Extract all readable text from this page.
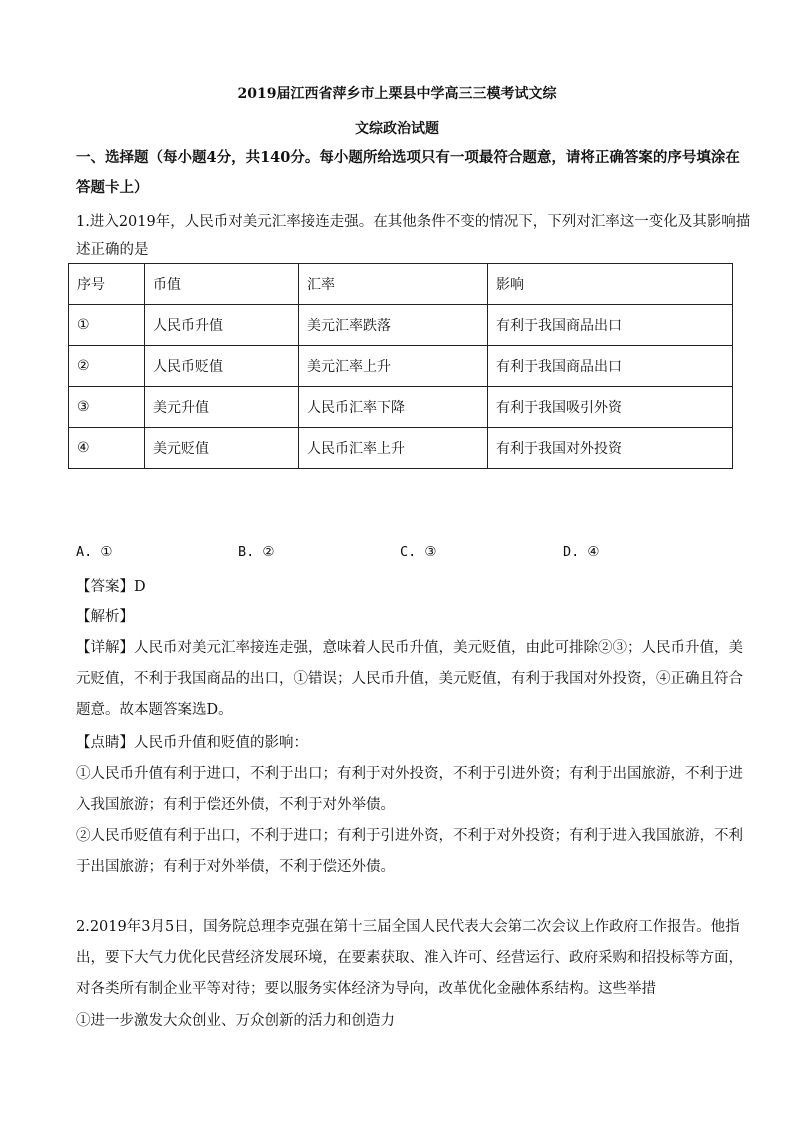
2019届江西省萍乡市上栗县中学高三三模考试文综
文综政治试题
一、选择题（每小题4分，共140分。每小题所给选项只有一项最符合题意，请将正确答案的序号填涂在
答题卡上）
1.进入2019年，人民币对美元汇率接连走强。在其他条件不变的情况下，下列对汇率这一变化及其影响描
述正确的是
序号	币值	汇率	影响
①	人民币升值	美元汇率跌落	有利于我国商品出口
②	人民币贬值	美元汇率上升	有利于我国商品出口
③	美元升值	人民币汇率下降	有利于我国吸引外资
④	美元贬值	人民币汇率上升	有利于我国对外投资
A. ①	B. ②	C. ③	D. ④
【答案】D
【解析】
【详解】人民币对美元汇率接连走强，意味着人民币升值，美元贬值，由此可排除②③；人民币升值，美
元贬值，不利于我国商品的出口，①错误；人民币升值，美元贬值，有利于我国对外投资，④正确且符合
题意。故本题答案选D。
【点睛】人民币升值和贬值的影响：
①人民币升值有利于进口，不利于出口；有利于对外投资，不利于引进外资；有利于出国旅游，不利于进
入我国旅游；有利于偿还外债，不利于对外举债。
②人民币贬值有利于出口，不利于进口；有利于引进外资，不利于对外投资；有利于进入我国旅游，不利
于出国旅游；有利于对外举债，不利于偿还外债。
2.2019年3月5日，国务院总理李克强在第十三届全国人民代表大会第二次会议上作政府工作报告。他指
出，要下大气力优化民营经济发展环境，在要素获取、准入许可、经营运行、政府采购和招投标等方面，
对各类所有制企业平等对待；要以服务实体经济为导向，改革优化金融体系结构。这些举措
①进一步激发大众创业、万众创新的活力和创造力
